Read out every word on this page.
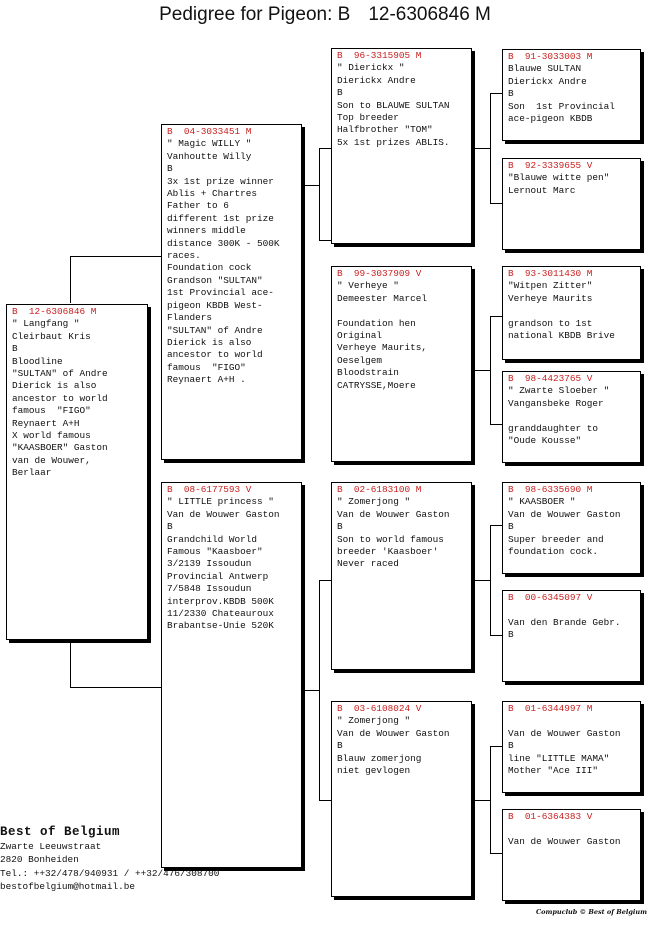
Pedigree for Pigeon: B 12-6306846 M
B  12-6306846 M
" Langfang "
Cleirbaut Kris
B
Bloodline
"SULTAN" of Andre
Dierick is also
ancestor to world
famous  "FIGO"
Reynaert A+H
X world famous
"KAASBOER" Gaston
van de Wouwer,
Berlaar
B  04-3033451 M
" Magic WILLY "
Vanhoutte Willy
B
3x 1st prize winner
Ablis + Chartres
Father to 6
different 1st prize
winners middle
distance 300K - 500K
races.
Foundation cock
Grandson "SULTAN"
1st Provincial ace-
pigeon KBDB West-
Flanders
"SULTAN" of Andre
Dierick is also
ancestor to world
famous  "FIGO"
Reynaert A+H .
B  08-6177593 V
" LITTLE princess "
Van de Wouwer Gaston
B
Grandchild World
Famous "Kaasboer"
3/2139 Issoudun
Provincial Antwerp
7/5848 Issoudun
interprov.KBDB 500K
11/2330 Chateauroux
Brabantse-Unie 520K
B  96-3315905 M
" Dierickx "
Dierickx Andre
B
Son to BLAUWE SULTAN
Top breeder
Halfbrother "TOM"
5x 1st prizes ABLIS.
B  99-3037909 V
" Verheye "
Demeester Marcel
Foundation hen
Original
Verheye Maurits,
Oeselgem
Bloodstrain
CATRYSSE,Moere
B  02-6183100 M
" Zomerjong "
Van de Wouwer Gaston
B
Son to world famous
breeder 'Kaasboer'
Never raced
B  03-6108024 V
" Zomerjong "
Van de Wouwer Gaston
B
Blauw zomerjong
niet gevlogen
B  91-3033003 M
Blauwe SULTAN
Dierickx Andre
B
Son  1st Provincial
ace-pigeon KBDB
B  92-3339655 V
"Blauwe witte pen"
Lernout Marc
B  93-3011430 M
"Witpen Zitter"
Verheye Maurits
grandson to 1st
national KBDB Brive
B  98-4423765 V
" Zwarte Sloeber "
Vangansbeke Roger
granddaughter to
"Oude Kousse"
B  98-6335690 M
" KAASBOER "
Van de Wouwer Gaston
B
Super breeder and
foundation cock.
B  00-6345097 V
Van den Brande Gebr.
B
B  01-6344997 M
Van de Wouwer Gaston
B
line "LITTLE MAMA"
Mother "Ace III"
B  01-6364383 V
Van de Wouwer Gaston
Best of Belgium
Zwarte Leeuwstraat
2820 Bonheiden
Tel.: ++32/478/940931 / ++32/476/308700
bestofbelgium@hotmail.be
Compuclub © Best of Belgium
